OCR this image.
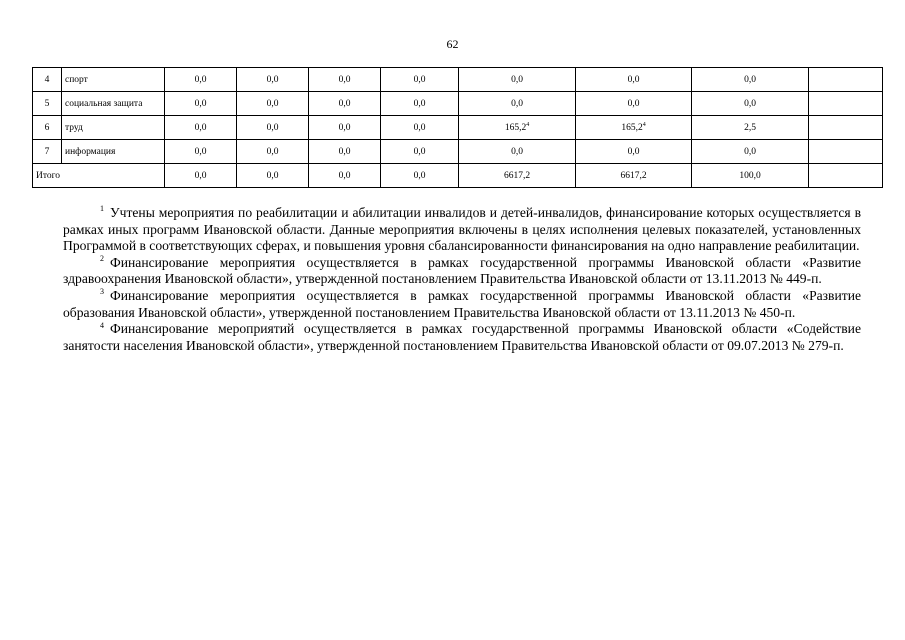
62
4	спорт	0,0	0,0	0,0	0,0	0,0	0,0	0,0	
5	социальная защита	0,0	0,0	0,0	0,0	0,0	0,0	0,0	
6	труд	0,0	0,0	0,0	0,0	165,2$^4$	165,2$^4$	2,5	
7	информация	0,0	0,0	0,0	0,0	0,0	0,0	0,0	
Итого		0,0	0,0	0,0	0,0	6617,2	6617,2	100,0	

$^1$ Учтены мероприятия по реабилитации и абилитации инвалидов и детей-инвалидов, финансирование которых осуществляется в рамках иных программ Ивановской области. Данные мероприятия включены в целях исполнения целевых показателей, установленных Программой в соответствующих сферах, и повышения уровня сбалансированности финансирования на одно направление реабилитации.

$^2$ Финансирование мероприятия осуществляется в рамках государственной программы Ивановской области «Развитие здравоохранения Ивановской области», утвержденной постановлением Правительства Ивановской области от 13.11.2013 № 449-п.

$^3$ Финансирование мероприятия осуществляется в рамках государственной программы Ивановской области «Развитие образования Ивановской области», утвержденной постановлением Правительства Ивановской области от 13.11.2013 № 450-п.

$^4$ Финансирование мероприятий осуществляется в рамках государственной программы Ивановской области «Содействие занятости населения Ивановской области», утвержденной постановлением Правительства Ивановской области от 09.07.2013 № 279-п.
